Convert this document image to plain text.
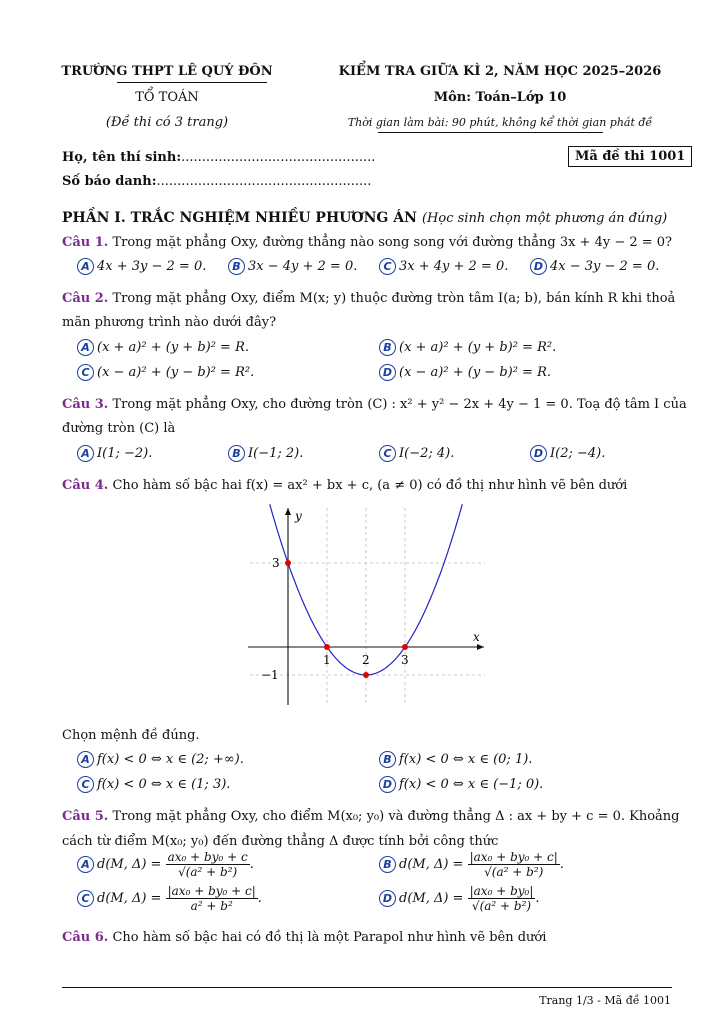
TRƯỜNG THPT LÊ QUÝ ĐÔN
TỔ TOÁN
(Đề thi có 3 trang)
KIỂM TRA GIỮA KÌ 2, NĂM HỌC 2025–2026
Môn: Toán–Lớp 10
Thời gian làm bài: 90 phút, không kể thời gian phát đề
Họ, tên thí sinh:...............................................
Số báo danh:....................................................
Mã đề thi 1001
PHẦN I. TRẮC NGHIỆM NHIỀU PHƯƠNG ÁN (Học sinh chọn một phương án đúng)
Câu 1. Trong mặt phẳng Oxy, đường thẳng nào song song với đường thẳng 3x + 4y − 2 = 0?
A 4x + 3y − 2 = 0.	B 3x − 4y + 2 = 0.	C 3x + 4y + 2 = 0.	D 4x − 3y − 2 = 0.
Câu 2. Trong mặt phẳng Oxy, điểm M(x; y) thuộc đường tròn tâm I(a; b), bán kính R khi thoả
mãn phương trình nào dưới đây?
A (x + a)² + (y + b)² = R.	B (x + a)² + (y + b)² = R².
C (x − a)² + (y − b)² = R².	D (x − a)² + (y − b)² = R.
Câu 3. Trong mặt phẳng Oxy, cho đường tròn (C) : x² + y² − 2x + 4y − 1 = 0. Toạ độ tâm I của
đường tròn (C) là
A I(1; −2).	B I(−1; 2).	C I(−2; 4).	D I(2; −4).
Câu 4. Cho hàm số bậc hai f(x) = ax² + bx + c, (a ≠ 0) có đồ thị như hình vẽ bên dưới
x
y
1	2	3
3
−1
Chọn mệnh đề đúng.
A f(x) < 0 ⇔ x ∈ (2; +∞).	B f(x) < 0 ⇔ x ∈ (0; 1).
C f(x) < 0 ⇔ x ∈ (1; 3).	D f(x) < 0 ⇔ x ∈ (−1; 0).
Câu 5. Trong mặt phẳng Oxy, cho điểm M(x₀; y₀) và đường thẳng Δ : ax + by + c = 0. Khoảng
cách từ điểm M(x₀; y₀) đến đường thẳng Δ được tính bởi công thức
A d(M, $\Delta) = \frac{\text{ax₀ + by₀ + c}}{\text{√(a² + b²)}}$ .	B d(M, $\Delta) = \frac{\text{|ax₀ + by₀ + c|}}{\text{√(a² + b²)}}$ .
C d(M, $\Delta) = \frac{\text{|ax₀ + by₀ + c|}}{\text{a² + b²}}$ .	D d(M, $\Delta) = \frac{\text{|ax₀ + by₀|}}{\text{√(a² + b²)}}$ .
Câu 6. Cho hàm số bậc hai có đồ thị là một Parapol như hình vẽ bên dưới
Trang 1/3 - Mã đề 1001
